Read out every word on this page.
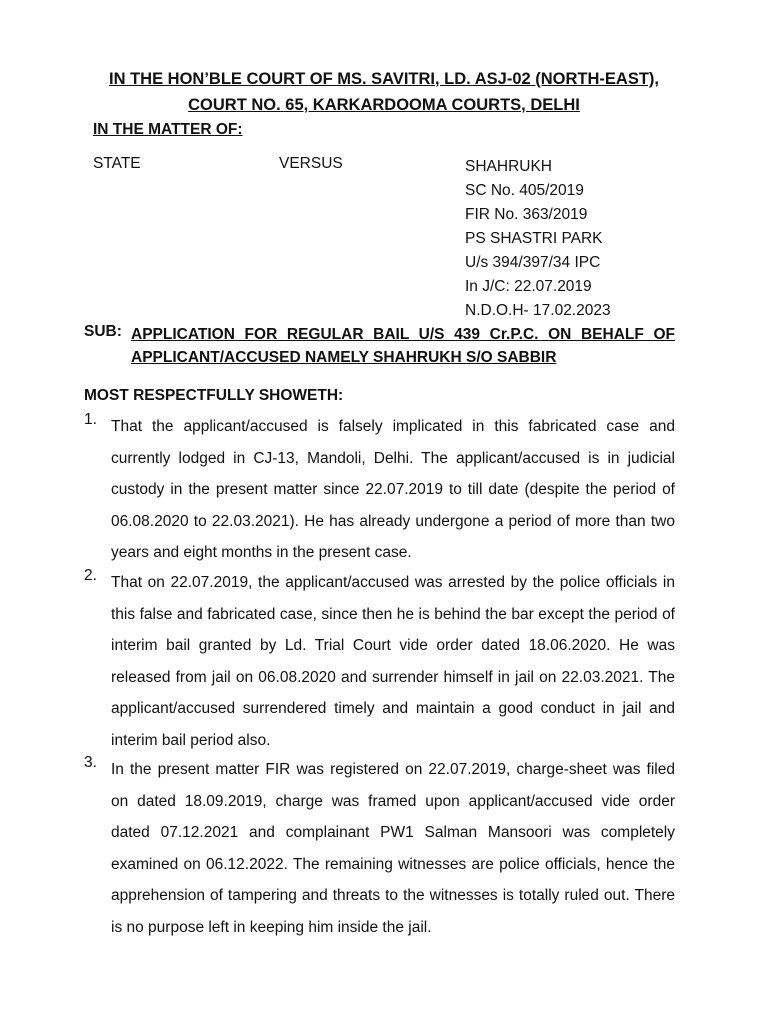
IN THE HON’BLE COURT OF MS. SAVITRI, LD. ASJ-02 (NORTH-EAST),
COURT NO. 65, KARKARDOOMA COURTS, DELHI
IN THE MATTER OF:
STATE	VERSUS	SHAHRUKH
SC No. 405/2019
FIR No. 363/2019
PS SHASTRI PARK
U/s 394/397/34 IPC
In J/C: 22.07.2019
N.D.O.H- 17.02.2023
SUB: APPLICATION FOR REGULAR BAIL U/S 439 Cr.P.C. ON BEHALF OF
APPLICANT/ACCUSED NAMELY SHAHRUKH S/O SABBIR
MOST RESPECTFULLY SHOWETH:
1. That the applicant/accused is falsely implicated in this fabricated case and currently lodged in CJ-13, Mandoli, Delhi. The applicant/accused is in judicial custody in the present matter since 22.07.2019 to till date (despite the period of 06.08.2020 to 22.03.2021). He has already undergone a period of more than two years and eight months in the present case.
2. That on 22.07.2019, the applicant/accused was arrested by the police officials in this false and fabricated case, since then he is behind the bar except the period of interim bail granted by Ld. Trial Court vide order dated 18.06.2020. He was released from jail on 06.08.2020 and surrender himself in jail on 22.03.2021. The applicant/accused surrendered timely and maintain a good conduct in jail and interim bail period also.
3. In the present matter FIR was registered on 22.07.2019, charge-sheet was filed on dated 18.09.2019, charge was framed upon applicant/accused vide order dated 07.12.2021 and complainant PW1 Salman Mansoori was completely examined on 06.12.2022. The remaining witnesses are police officials, hence the apprehension of tampering and threats to the witnesses is totally ruled out. There is no purpose left in keeping him inside the jail.
